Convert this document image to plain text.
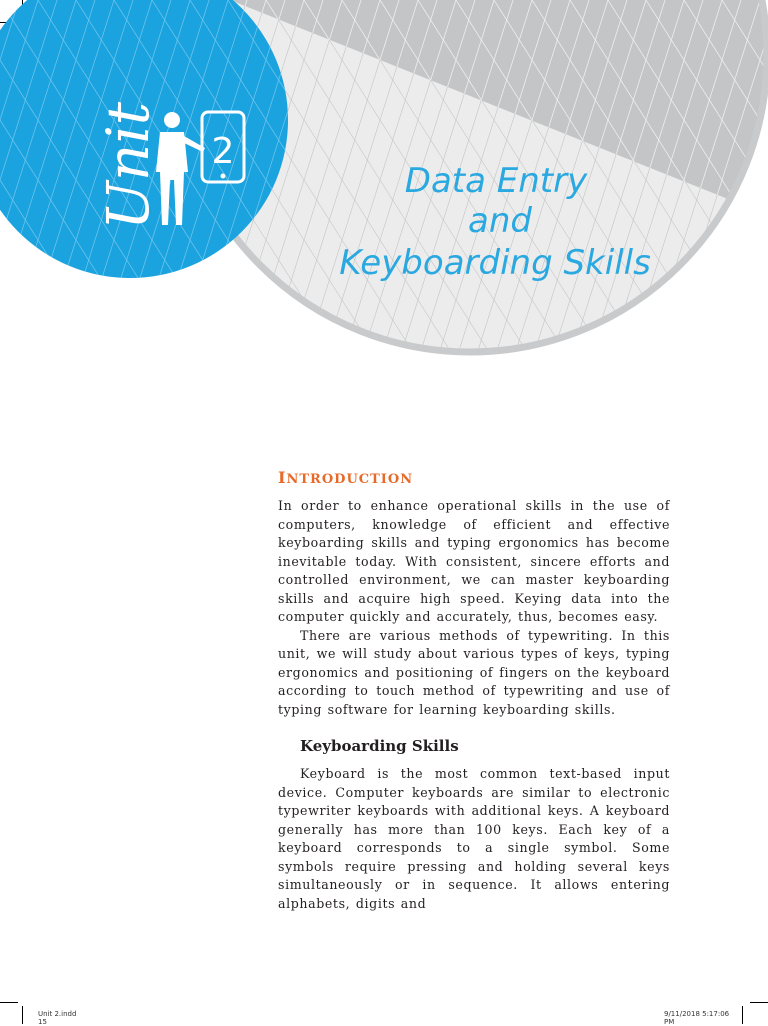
2
Unit	Data Entry
and
Keyboarding Skills
INTRODUCTION

In order to enhance operational skills in the use of computers, knowledge of efficient and effective keyboarding skills and typing ergonomics has become inevitable today. With consistent, sincere efforts and controlled environment, we can master keyboarding skills and acquire high speed. Keying data into the computer quickly and accurately, thus, becomes easy.

There are various methods of typewriting. In this unit, we will study about various types of keys, typing ergonomics and positioning of fingers on the keyboard according to touch method of typewriting and use of typing software for learning keyboarding skills.

Keyboarding Skills

Keyboard is the most common text-based input device. Computer keyboards are similar to electronic typewriter keyboards with additional keys. A keyboard generally has more than 100 keys. Each key of a keyboard corresponds to a single symbol. Some symbols require pressing and holding several keys simultaneously or in sequence. It allows entering alphabets, digits and

Unit 2.indd
15
9/11/2018 5:17:06
PM
